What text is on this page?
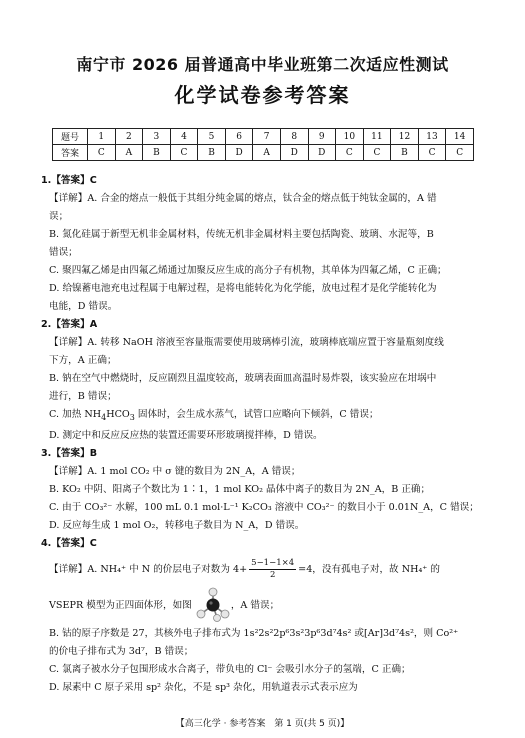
南宁市 2026 届普通高中毕业班第二次适应性测试
化学试卷参考答案
题号	1	2	3	4	5	6	7	8	9	10	11	12	13	14
答案	C	A	B	C	B	D	A	D	D	C	C	B	C	C

1.【答案】C

【详解】A. 合金的熔点一般低于其组分纯金属的熔点，钛合金的熔点低于纯钛金属的，A 错

误；

B. 氮化硅属于新型无机非金属材料，传统无机非金属材料主要包括陶瓷、玻璃、水泥等，B

错误；

C. 聚四氟乙烯是由四氟乙烯通过加聚反应生成的高分子有机物，其单体为四氟乙烯，C 正确；

D. 给镍蓄电池充电过程属于电解过程，是将电能转化为化学能，放电过程才是化学能转化为

电能，D 错误。

2.【答案】A

【详解】A. 转移 NaOH 溶液至容量瓶需要使用玻璃棒引流，玻璃棒底端应置于容量瓶刻度线

下方，A 正确；

B. 钠在空气中燃烧时，反应剧烈且温度较高，玻璃表面皿高温时易炸裂，该实验应在坩埚中

进行，B 错误；

C. 加热 $NH_4HCO_3$ 固体时，会生成水蒸气，试管口应略向下倾斜，C 错误；

D. 测定中和反应反应热的装置还需要环形玻璃搅拌棒，D 错误。

3.【答案】B

【详解】A. 1 mol CO₂ 中 σ 键的数目为 2N_A，A 错误；

B. KO₂ 中阴、阳离子个数比为 1∶1，1 mol KO₂ 晶体中离子的数目为 2N_A，B 正确；

C. 由于 CO₃²⁻ 水解，100 mL 0.1 mol·L⁻¹ K₂CO₃ 溶液中 CO₃²⁻ 的数目小于 0.01N_A，C 错误；

D. 反应每生成 1 mol O₂，转移电子数目为 N_A，D 错误。

4.【答案】C

【详解】A. NH₄⁺ 中 N 的价层电子对数为 $4+ \frac{5-1-1\times 4}{2} =4$，没有孤电子对，故 NH₄⁺ 的

VSEPR 模型为正四面体形，如图	，A 错误；

B. 钴的原子序数是 27，其核外电子排布式为 1s²2s²2p⁶3s²3p⁶3d⁷4s² 或[Ar]3d⁷4s²，则 Co²⁺

的价电子排布式为 3d⁷，B 错误；

C. 氯离子被水分子包围形成水合离子，带负电的 Cl⁻ 会吸引水分子的氢端，C 正确；

D. 尿素中 C 原子采用 sp² 杂化，不是 sp³ 杂化，用轨道表示式表示应为

【高三化学 · 参考答案　第 1 页(共 5 页)】
